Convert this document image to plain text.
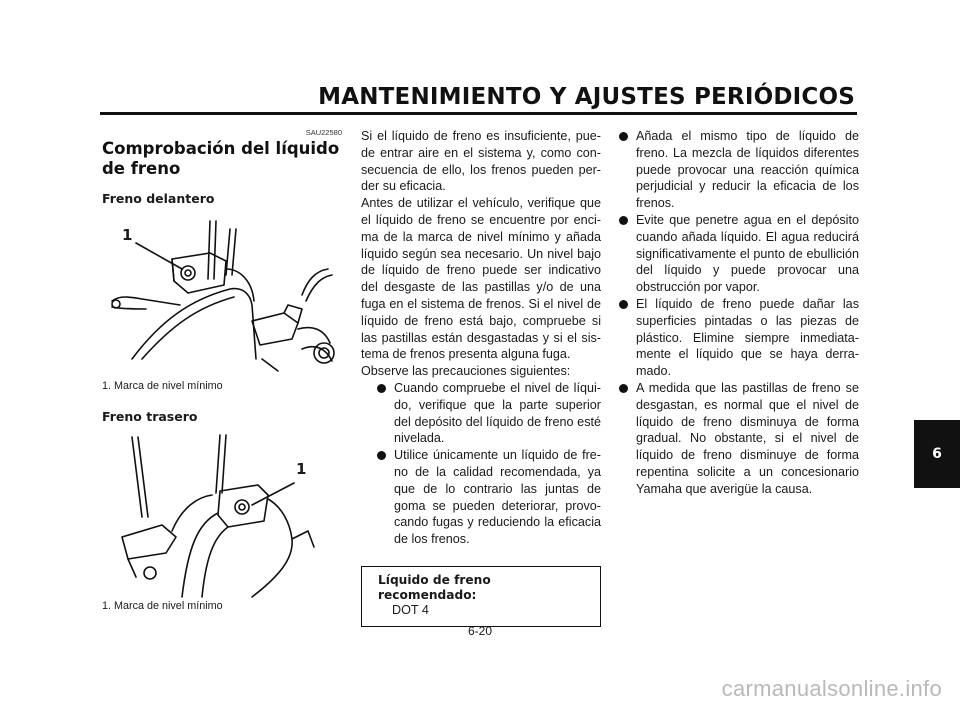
MANTENIMIENTO Y AJUSTES PERIÓDICOS
6
SAU22580
Comprobación del líquido de freno
Freno delantero
1

1. Marca de nivel mínimo

Freno trasero
1

1. Marca de nivel mínimo

Si el líquido de freno es insuficiente, puede entrar aire en el sistema y, como consecuencia de ello, los frenos pueden perder su eficacia.

Antes de utilizar el vehículo, verifique que el líquido de freno se encuentre por encima de la marca de nivel mínimo y añada líquido según sea necesario. Un nivel bajo de líquido de freno puede ser indicativo del desgaste de las pastillas y/o de una fuga en el sistema de frenos. Si el nivel de líquido de freno está bajo, compruebe si las pastillas están desgastadas y si el sistema de frenos presenta alguna fuga.

Observe las precauciones siguientes:

Cuando compruebe el nivel de líquido, verifique que la parte superior del depósito del líquido de freno esté nivelada.
Utilice únicamente un líquido de freno de la calidad recomendada, ya que de lo contrario las juntas de goma se pueden deteriorar, provocando fugas y reduciendo la eficacia de los frenos.
Líquido de freno recomendado:
DOT 4
Añada el mismo tipo de líquido de freno. La mezcla de líquidos diferentes puede provocar una reacción química perjudicial y reducir la eficacia de los frenos.
Evite que penetre agua en el depósito cuando añada líquido. El agua reducirá significativamente el punto de ebullición del líquido y puede provocar una obstrucción por vapor.
El líquido de freno puede dañar las superficies pintadas o las piezas de plástico. Elimine siempre inmediatamente el líquido que se haya derramado.
A medida que las pastillas de freno se desgastan, es normal que el nivel de líquido de freno disminuya de forma gradual. No obstante, si el nivel de líquido de freno disminuye de forma repentina solicite a un concesionario Yamaha que averigüe la causa.
6-20
carmanualsonline.info
